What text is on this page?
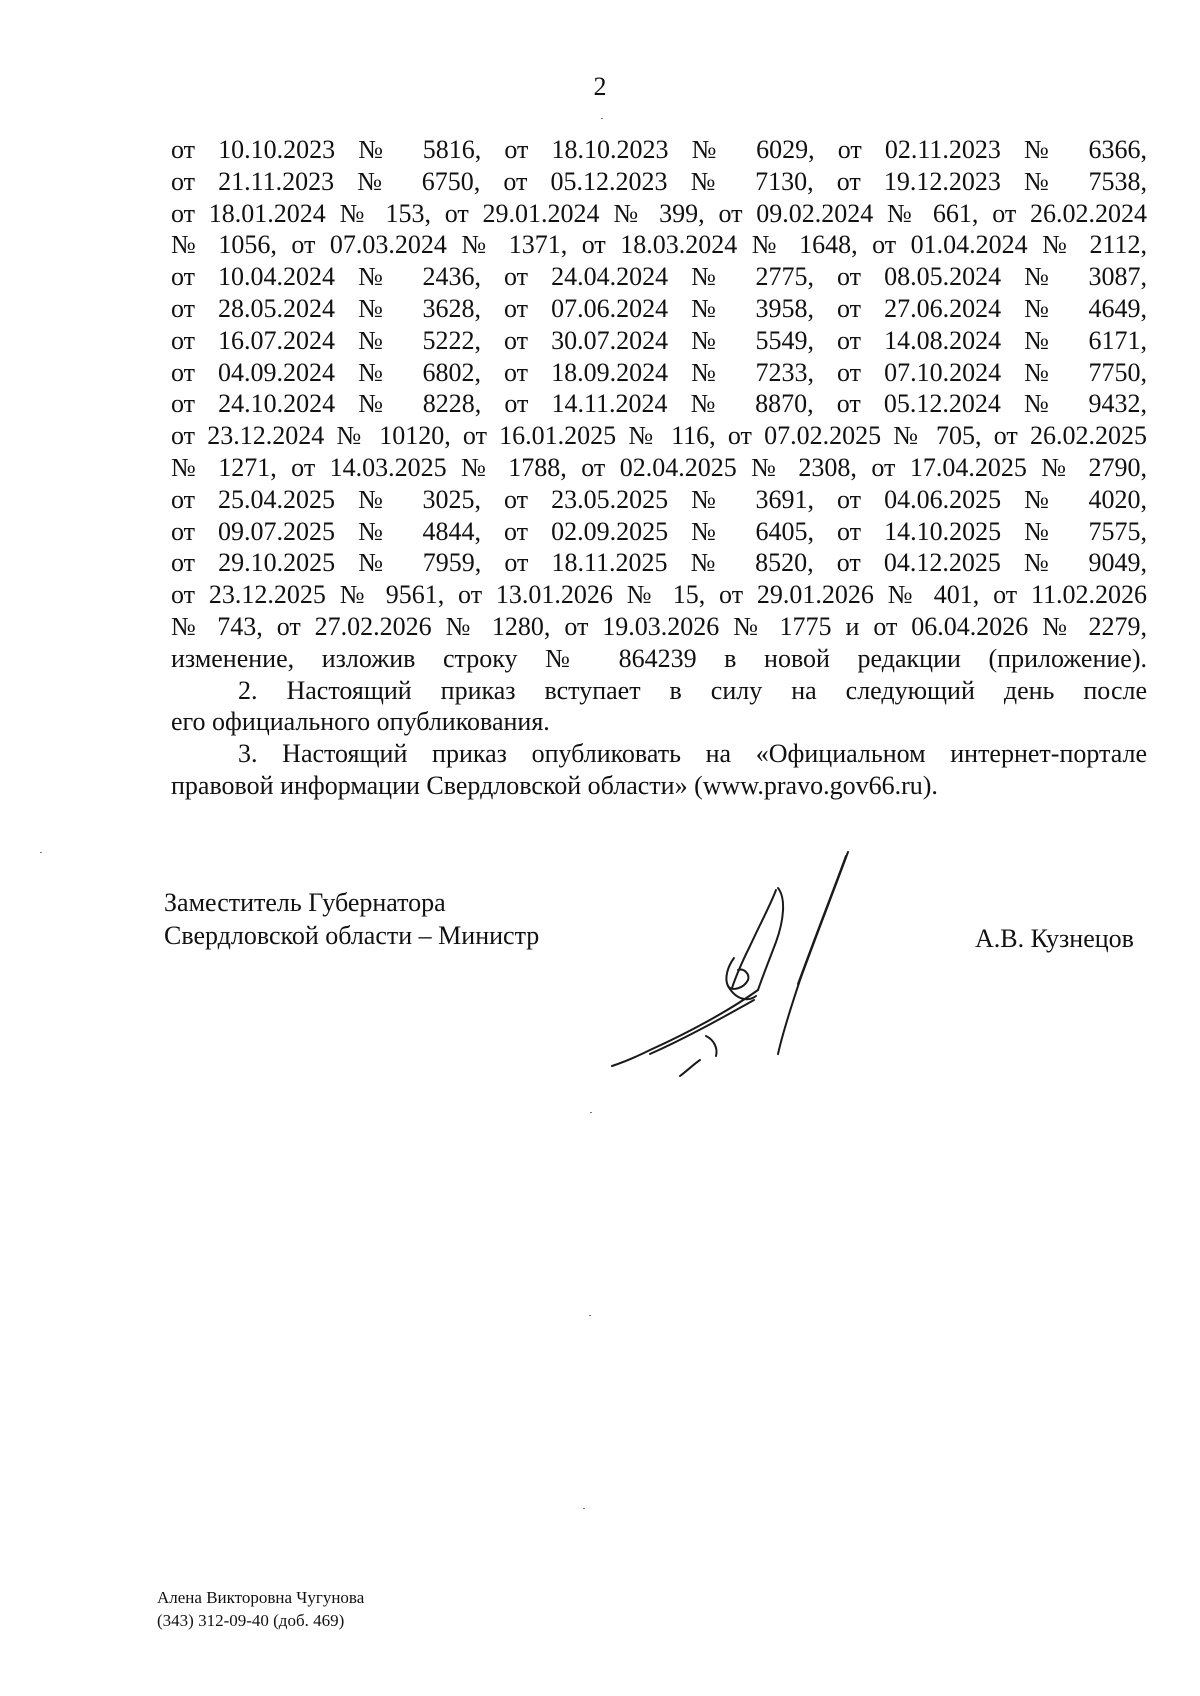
2
от 10.10.2023 № 5816, от 18.10.2023 № 6029, от 02.11.2023 № 6366,
от 21.11.2023 № 6750, от 05.12.2023 № 7130, от 19.12.2023 № 7538,
от 18.01.2024 № 153, от 29.01.2024 № 399, от 09.02.2024 № 661, от 26.02.2024
№ 1056, от 07.03.2024 № 1371, от 18.03.2024 № 1648, от 01.04.2024 № 2112,
от 10.04.2024 № 2436, от 24.04.2024 № 2775, от 08.05.2024 № 3087,
от 28.05.2024 № 3628, от 07.06.2024 № 3958, от 27.06.2024 № 4649,
от 16.07.2024 № 5222, от 30.07.2024 № 5549, от 14.08.2024 № 6171,
от 04.09.2024 № 6802, от 18.09.2024 № 7233, от 07.10.2024 № 7750,
от 24.10.2024 № 8228, от 14.11.2024 № 8870, от 05.12.2024 № 9432,
от 23.12.2024 № 10120, от 16.01.2025 № 116, от 07.02.2025 № 705, от 26.02.2025
№ 1271, от 14.03.2025 № 1788, от 02.04.2025 № 2308, от 17.04.2025 № 2790,
от 25.04.2025 № 3025, от 23.05.2025 № 3691, от 04.06.2025 № 4020,
от 09.07.2025 № 4844, от 02.09.2025 № 6405, от 14.10.2025 № 7575,
от 29.10.2025 № 7959, от 18.11.2025 № 8520, от 04.12.2025 № 9049,
от 23.12.2025 № 9561, от 13.01.2026 № 15, от 29.01.2026 № 401, от 11.02.2026
№ 743, от 27.02.2026 № 1280, от 19.03.2026 № 1775 и от 06.04.2026 № 2279,
изменение, изложив строку № 864239 в новой редакции (приложение).
2. Настоящий приказ вступает в силу на следующий день после
его официального опубликования.
3. Настоящий приказ опубликовать на «Официальном интернет-портале
правовой информации Свердловской области» (www.pravo.gov66.ru).
Заместитель Губернатора
Свердловской области – Министр	А.В. Кузнецов
Алена Викторовна Чугунова
(343) 312-09-40 (доб. 469)
